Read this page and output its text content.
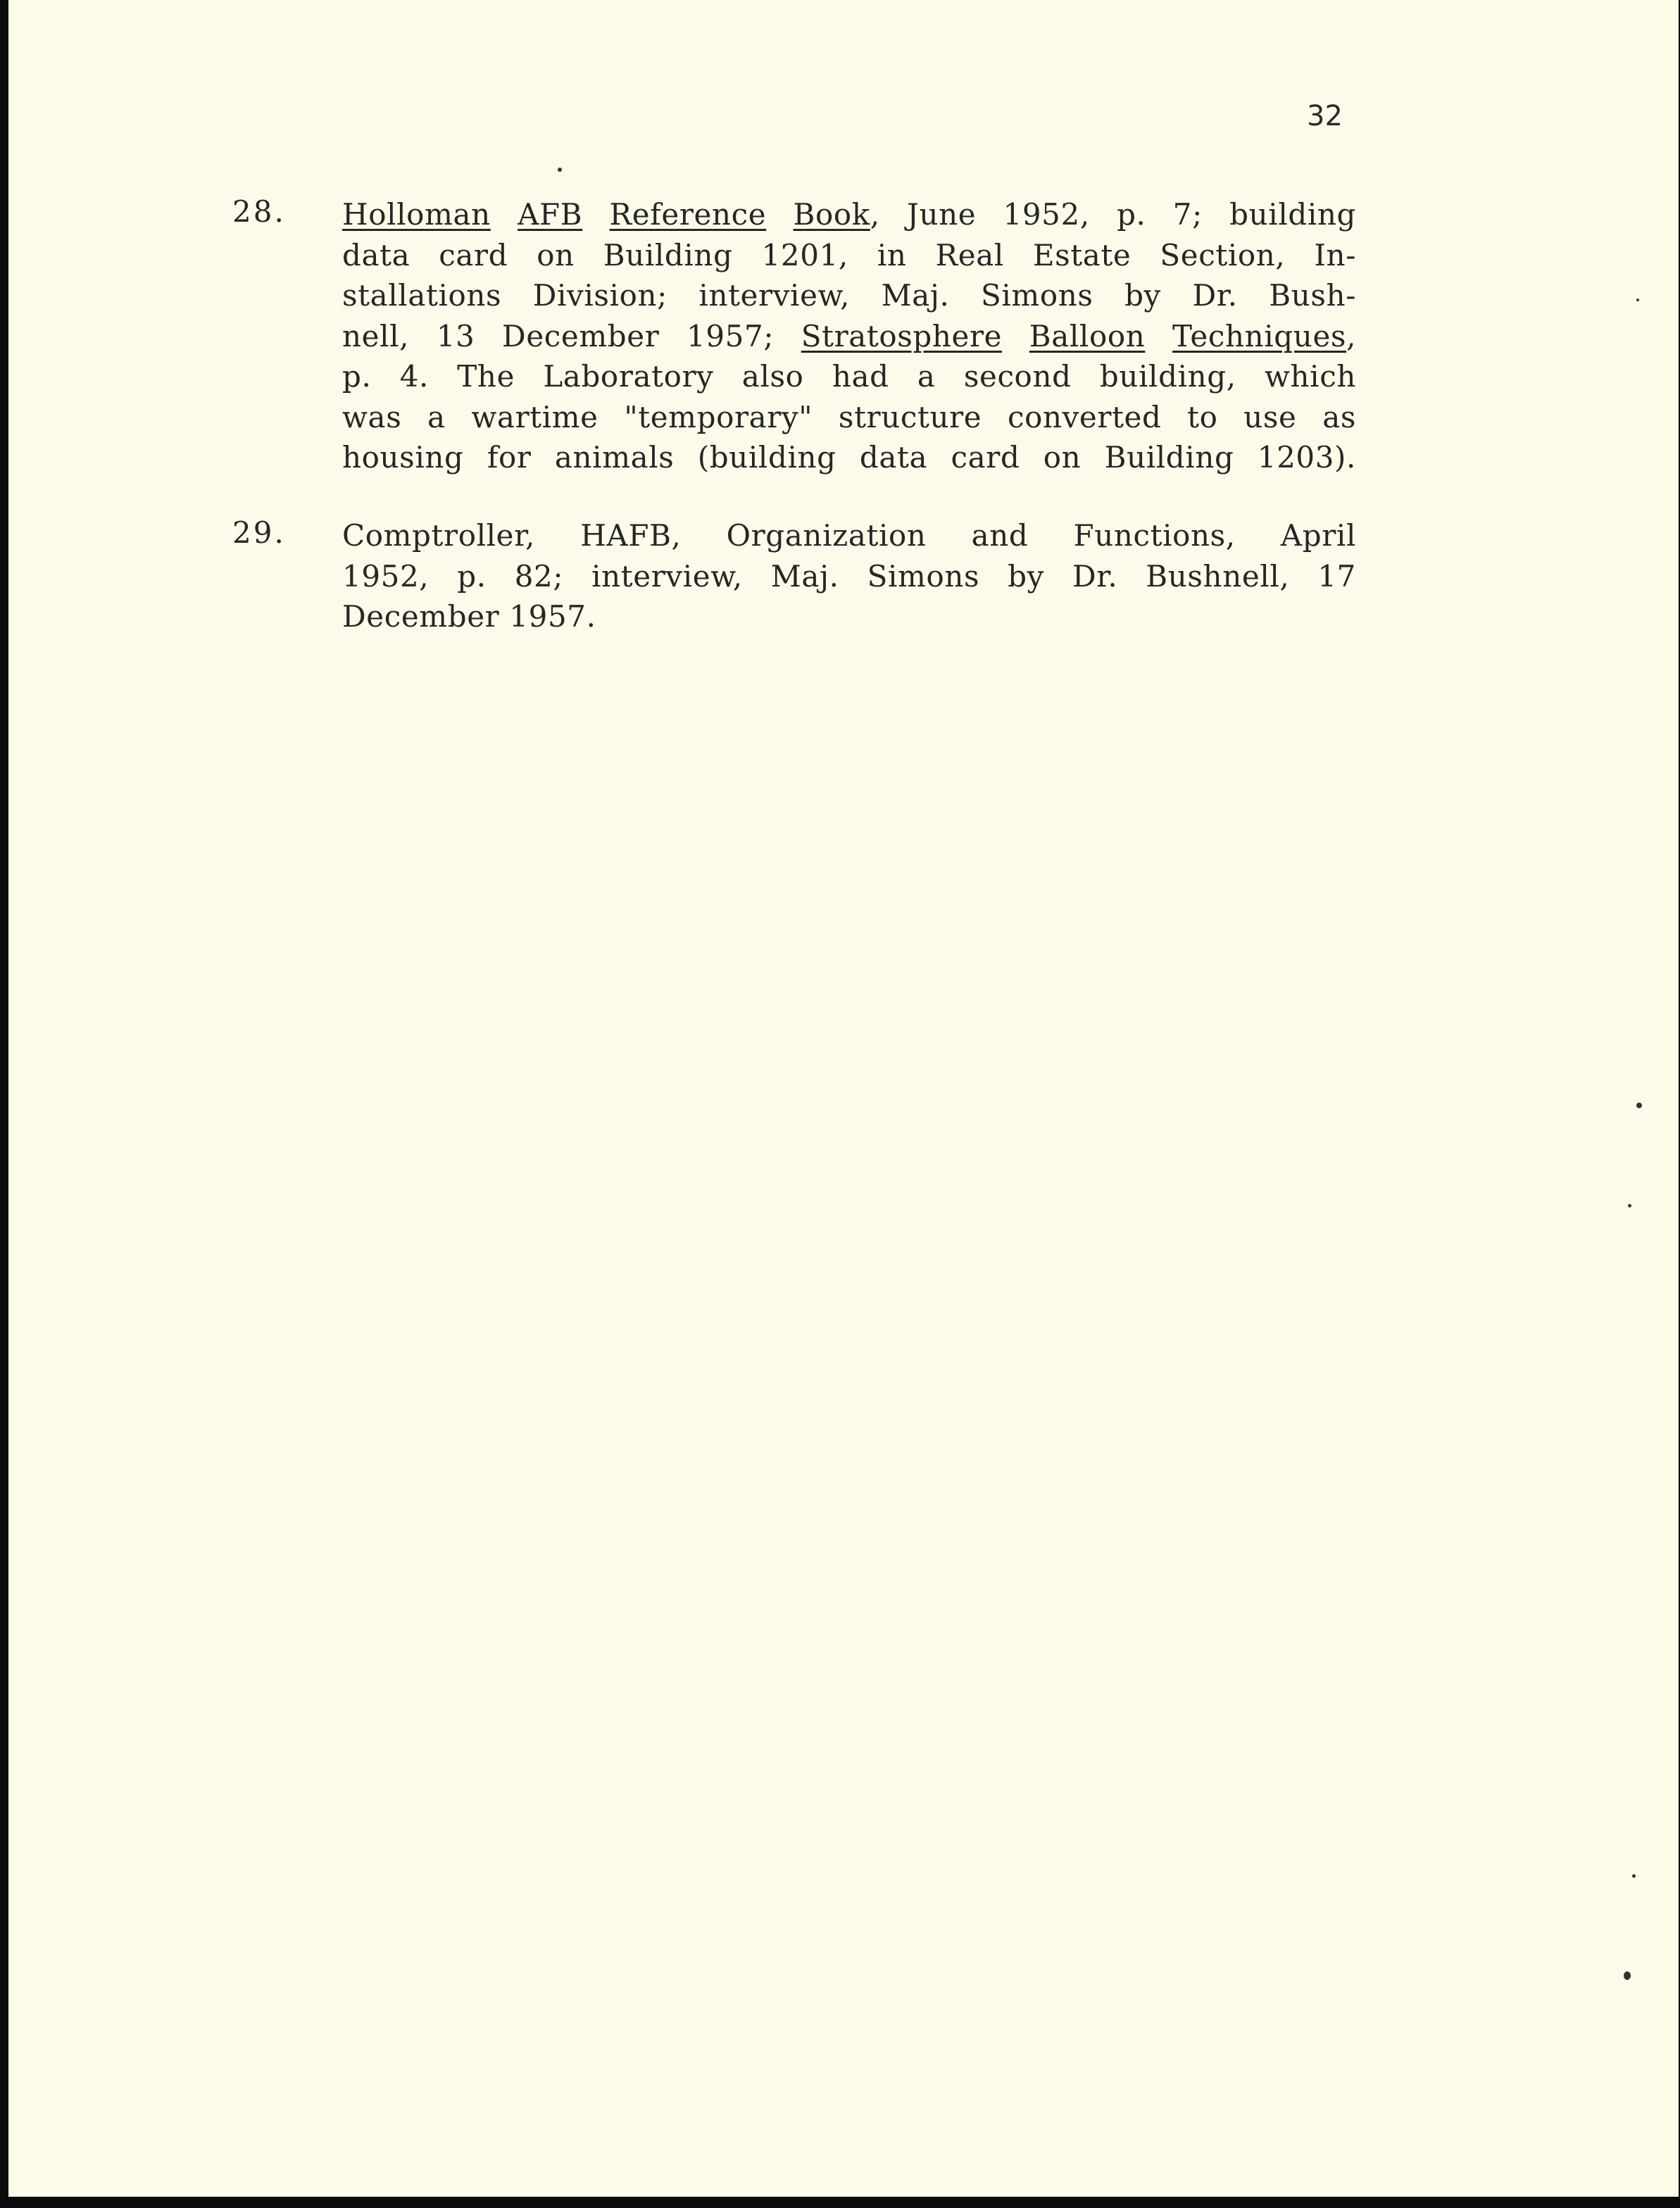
32
28. Holloman AFB Reference Book, June 1952, p. 7; building
data card on Building 1201, in Real Estate Section, In-
stallations Division; interview, Maj. Simons by Dr. Bush-
nell, 13 December 1957; Stratosphere Balloon Techniques,
p. 4. The Laboratory also had a second building, which
was a wartime "temporary" structure converted to use as
housing for animals (building data card on Building 1203).
29. Comptroller, HAFB, Organization and Functions, April
1952, p. 82; interview, Maj. Simons by Dr. Bushnell, 17
December 1957.
